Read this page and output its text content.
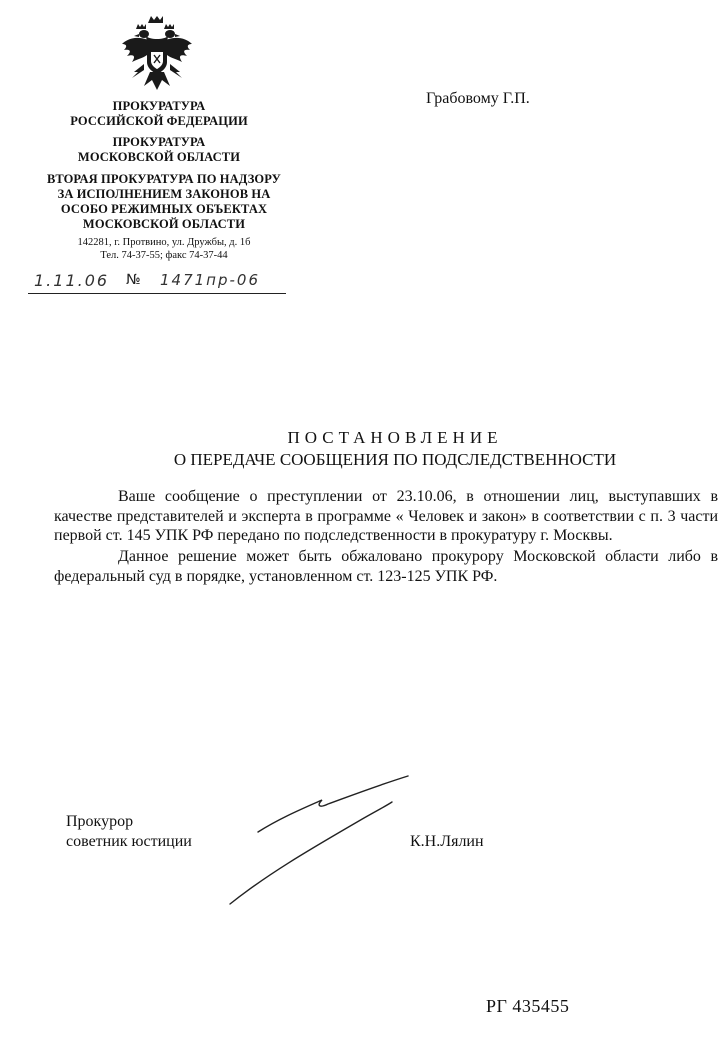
ПРОКУРАТУРА
РОССИЙСКОЙ ФЕДЕРАЦИИ
ПРОКУРАТУРА
МОСКОВСКОЙ ОБЛАСТИ
ВТОРАЯ ПРОКУРАТУРА ПО НАДЗОРУ
ЗА ИСПОЛНЕНИЕМ ЗАКОНОВ НА
ОСОБО РЕЖИМНЫХ ОБЪЕКТАХ
МОСКОВСКОЙ ОБЛАСТИ
142281, г. Протвино, ул. Дружбы, д. 1б
Тел. 74-37-55; факс 74-37-44
1.11.06 № 1471пр-06
Грабовому Г.П.
ПОСТАНОВЛЕНИЕ
О ПЕРЕДАЧЕ СООБЩЕНИЯ ПО ПОДСЛЕДСТВЕННОСТИ
Ваше сообщение о преступлении от 23.10.06, в отношении лиц, выступавших в качестве представителей и эксперта в программе « Человек и закон» в соответствии с п. 3 части первой ст. 145 УПК РФ передано по подследственности в прокуратуру г. Москвы.
Данное решение может быть обжаловано прокурору Московской области либо в федеральный суд в порядке, установленном ст. 123-125 УПК РФ.
Прокурор
советник юстиции	К.Н.Лялин
РГ 435455
